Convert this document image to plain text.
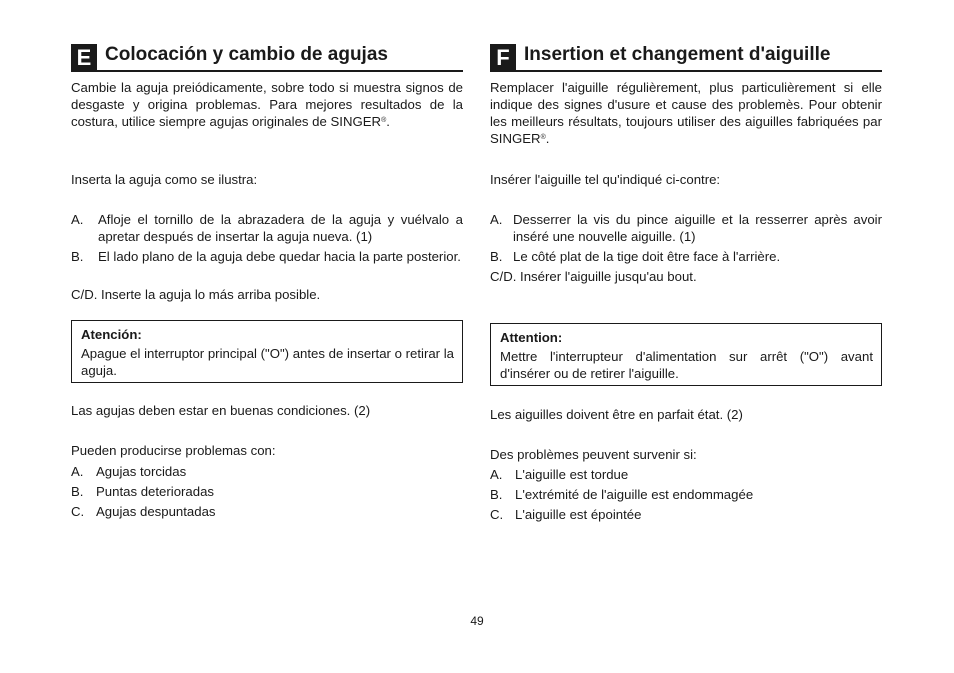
E Colocación y cambio de agujas

Cambie la aguja preiódicamente, sobre todo si muestra signos de desgaste y origina problemas. Para mejores resultados de la costura, utilice siempre agujas originales de SINGER®.

Inserta la aguja como se ilustra:

A. Afloje el tornillo de la abrazadera de la aguja y vuélvalo a apretar después de insertar la aguja nueva. (1)
B. El lado plano de la aguja debe quedar hacia la parte posterior.

C/D. Inserte la aguja lo más arriba posible.

Atención:
Apague el interruptor principal ("O") antes de insertar o retirar la aguja.

Las agujas deben estar en buenas condiciones. (2)

Pueden producirse problemas con:

A. Agujas torcidas
B. Puntas deterioradas
C. Agujas despuntadas
F Insertion et changement d'aiguille

Remplacer l'aiguille régulièrement, plus particulièrement si elle indique des signes d'usure et cause des problemès. Pour obtenir les meilleurs résultats, toujours utiliser des aiguilles fabriquées par SINGER®.

Insérer l'aiguille tel qu'indiqué ci-contre:

A. Desserrer la vis du pince aiguille et la resserrer après avoir inséré une nouvelle aiguille. (1)
B. Le côté plat de la tige doit être face à l'arrière.

C/D. Insérer l'aiguille jusqu'au bout.

Attention:
Mettre l'interrupteur d'alimentation sur arrêt ("O") avant d'insérer ou de retirer l'aiguille.

Les aiguilles doivent être en parfait état. (2)

Des problèmes peuvent survenir si:

A. L'aiguille est tordue
B. L'extrémité de l'aiguille est endommagée
C. L'aiguille est épointée
49
